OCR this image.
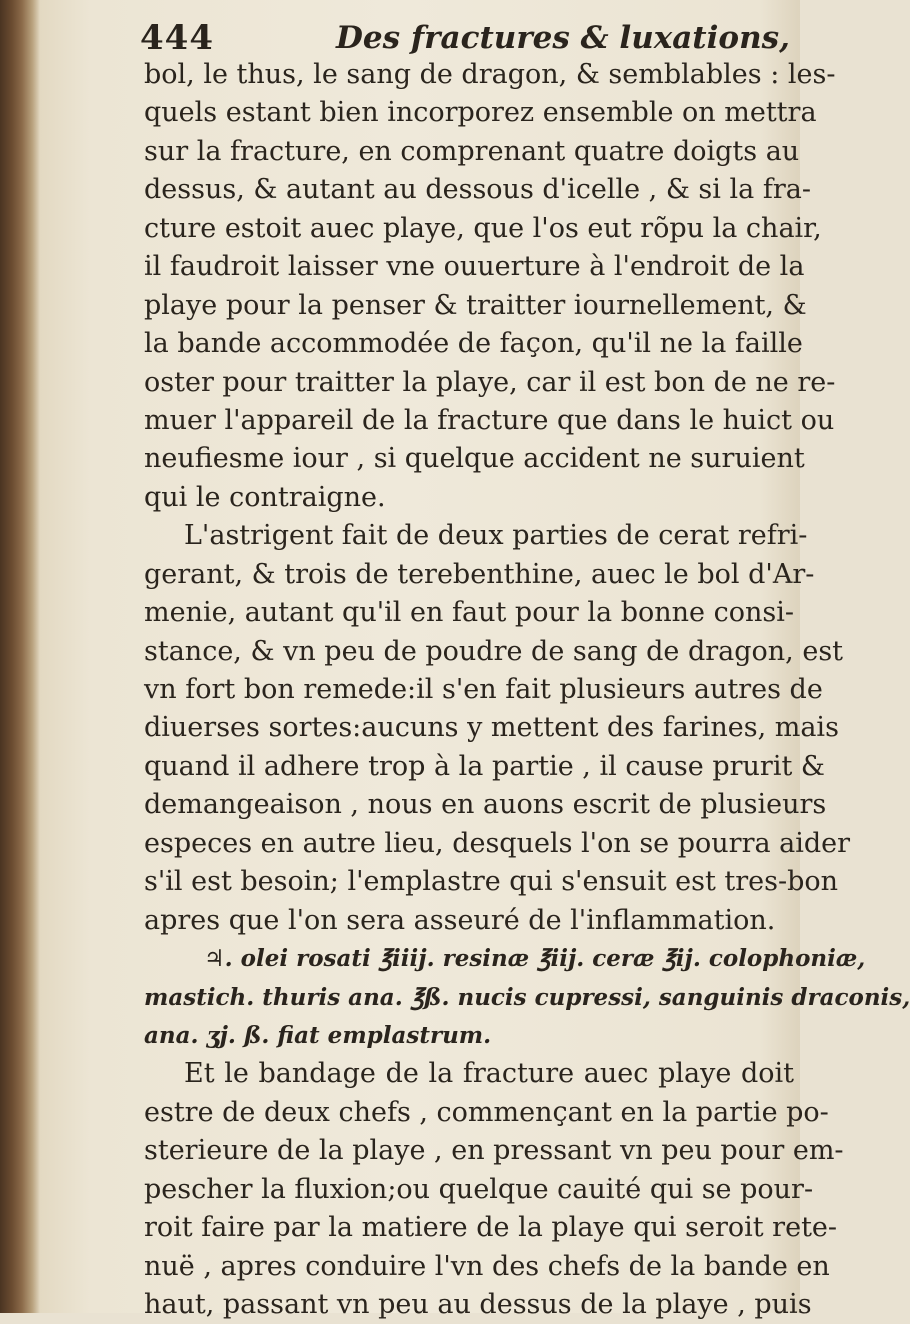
444	Des fractures & luxations,
bol, le thus, le sang de dragon, & semblables : les-
quels estant bien incorporez ensemble on mettra
sur la fracture, en comprenant quatre doigts au
dessus, & autant au dessous d'icelle , & si la fra-
cture estoit auec playe, que l'os eut rõpu la chair,
il faudroit laisser vne ouuerture à l'endroit de la
playe pour la penser & traitter iournellement, &
la bande accommodée de façon, qu'il ne la faille
oster pour traitter la playe, car il est bon de ne re-
muer l'appareil de la fracture que dans le huict ou
neufiesme iour , si quelque accident ne suruient
qui le contraigne.
L'astrigent fait de deux parties de cerat refri-
gerant, & trois de terebenthine, auec le bol d'Ar-
menie, autant qu'il en faut pour la bonne consi-
stance, & vn peu de poudre de sang de dragon, est
vn fort bon remede:il s'en fait plusieurs autres de
diuerses sortes:aucuns y mettent des farines, mais
quand il adhere trop à la partie , il cause prurit &
demangeaison , nous en auons escrit de plusieurs
especes en autre lieu, desquels l'on se pourra aider
s'il est besoin; l'emplastre qui s'ensuit est tres-bon
apres que l'on sera asseuré de l'inflammation.
♃. olei rosati ℥iiij. resinæ ℥iij. ceræ ℥ij. colophoniæ,
mastich. thuris ana. ℥ß. nucis cupressi, sanguinis draconis,
ana. ʒj. ß. fiat emplastrum.
Et le bandage de la fracture auec playe doit
estre de deux chefs , commençant en la partie po-
sterieure de la playe , en pressant vn peu pour em-
pescher la fluxion;ou quelque cauité qui se pour-
roit faire par la matiere de la playe qui seroit rete-
nuë , apres conduire l'vn des chefs de la bande en
haut, passant vn peu au dessus de la playe , puis
